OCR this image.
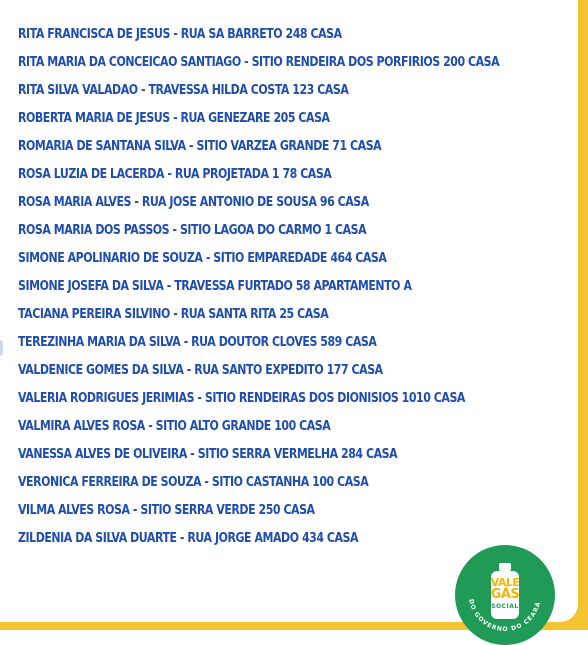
RITA FRANCISCA DE JESUS - RUA SA BARRETO 248 CASA
RITA MARIA DA CONCEICAO SANTIAGO - SITIO RENDEIRA DOS PORFIRIOS 200 CASA
RITA SILVA VALADAO - TRAVESSA HILDA COSTA 123 CASA
ROBERTA MARIA DE JESUS - RUA GENEZARE 205 CASA
ROMARIA DE SANTANA SILVA - SITIO VARZEA GRANDE 71 CASA
ROSA LUZIA DE LACERDA - RUA PROJETADA 1 78 CASA
ROSA MARIA ALVES - RUA JOSE ANTONIO DE SOUSA 96 CASA
ROSA MARIA DOS PASSOS - SITIO LAGOA DO CARMO 1 CASA
SIMONE APOLINARIO DE SOUZA - SITIO EMPAREDADE 464 CASA
SIMONE JOSEFA DA SILVA - TRAVESSA FURTADO 58 APARTAMENTO A
TACIANA PEREIRA SILVINO - RUA SANTA RITA 25 CASA
TEREZINHA MARIA DA SILVA - RUA DOUTOR CLOVES 589 CASA
VALDENICE GOMES DA SILVA - RUA SANTO EXPEDITO 177 CASA
VALERIA RODRIGUES JERIMIAS - SITIO RENDEIRAS DOS DIONISIOS 1010 CASA
VALMIRA ALVES ROSA - SITIO ALTO GRANDE 100 CASA
VANESSA ALVES DE OLIVEIRA - SITIO SERRA VERMELHA 284 CASA
VERONICA FERREIRA DE SOUZA - SITIO CASTANHA 100 CASA
VILMA ALVES ROSA - SITIO SERRA VERDE 250 CASA
ZILDENIA DA SILVA DUARTE - RUA JORGE AMADO 434 CASA
DO GOVERNO DO CEARÁ
VALE
GÁS
SOCIAL
